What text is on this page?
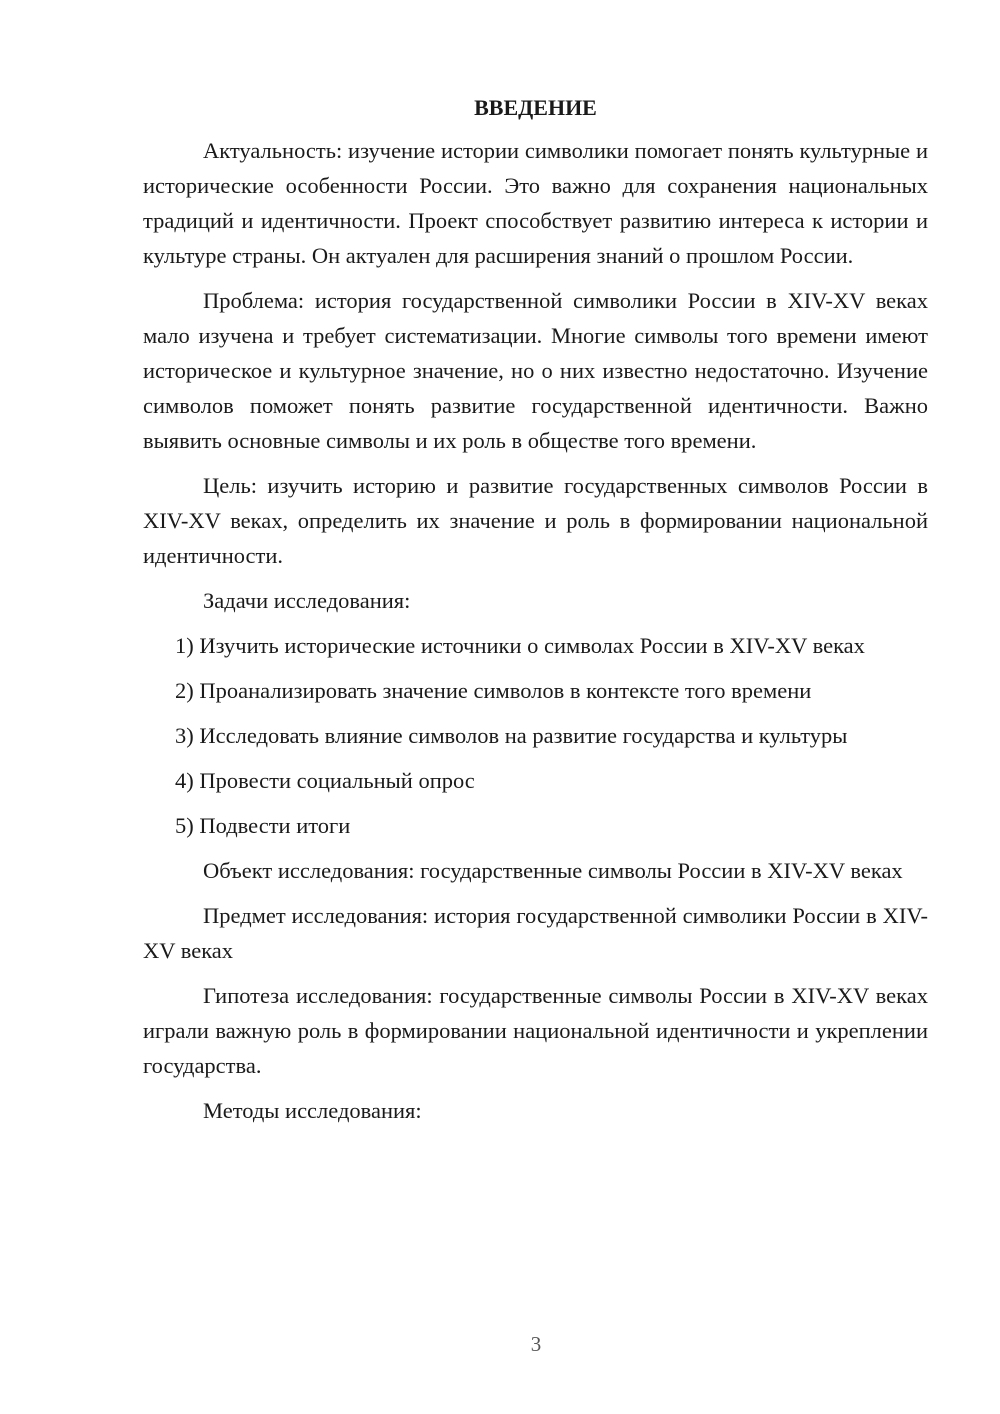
ВВЕДЕНИЕ

Актуальность: изучение истории символики помогает понять культурные и исторические особенности России. Это важно для сохранения национальных традиций и идентичности. Проект способствует развитию интереса к истории и культуре страны. Он актуален для расширения знаний о прошлом России.

Проблема: история государственной символики России в XIV-XV веках мало изучена и требует систематизации. Многие символы того времени имеют историческое и культурное значение, но о них известно недостаточно. Изучение символов поможет понять развитие государственной идентичности. Важно выявить основные символы и их роль в обществе того времени.

Цель: изучить историю и развитие государственных символов России в XIV-XV веках, определить их значение и роль в формировании национальной идентичности.

Задачи исследования:

1) Изучить исторические источники о символах России в XIV-XV веках

2) Проанализировать значение символов в контексте того времени

3) Исследовать влияние символов на развитие государства и культуры

4) Провести социальный опрос

5) Подвести итоги

Объект исследования: государственные символы России в XIV-XV веках

Предмет исследования: история государственной символики России в XIV-XV веках

Гипотеза исследования: государственные символы России в XIV-XV веках играли важную роль в формировании национальной идентичности и укреплении государства.

Методы исследования:

3
